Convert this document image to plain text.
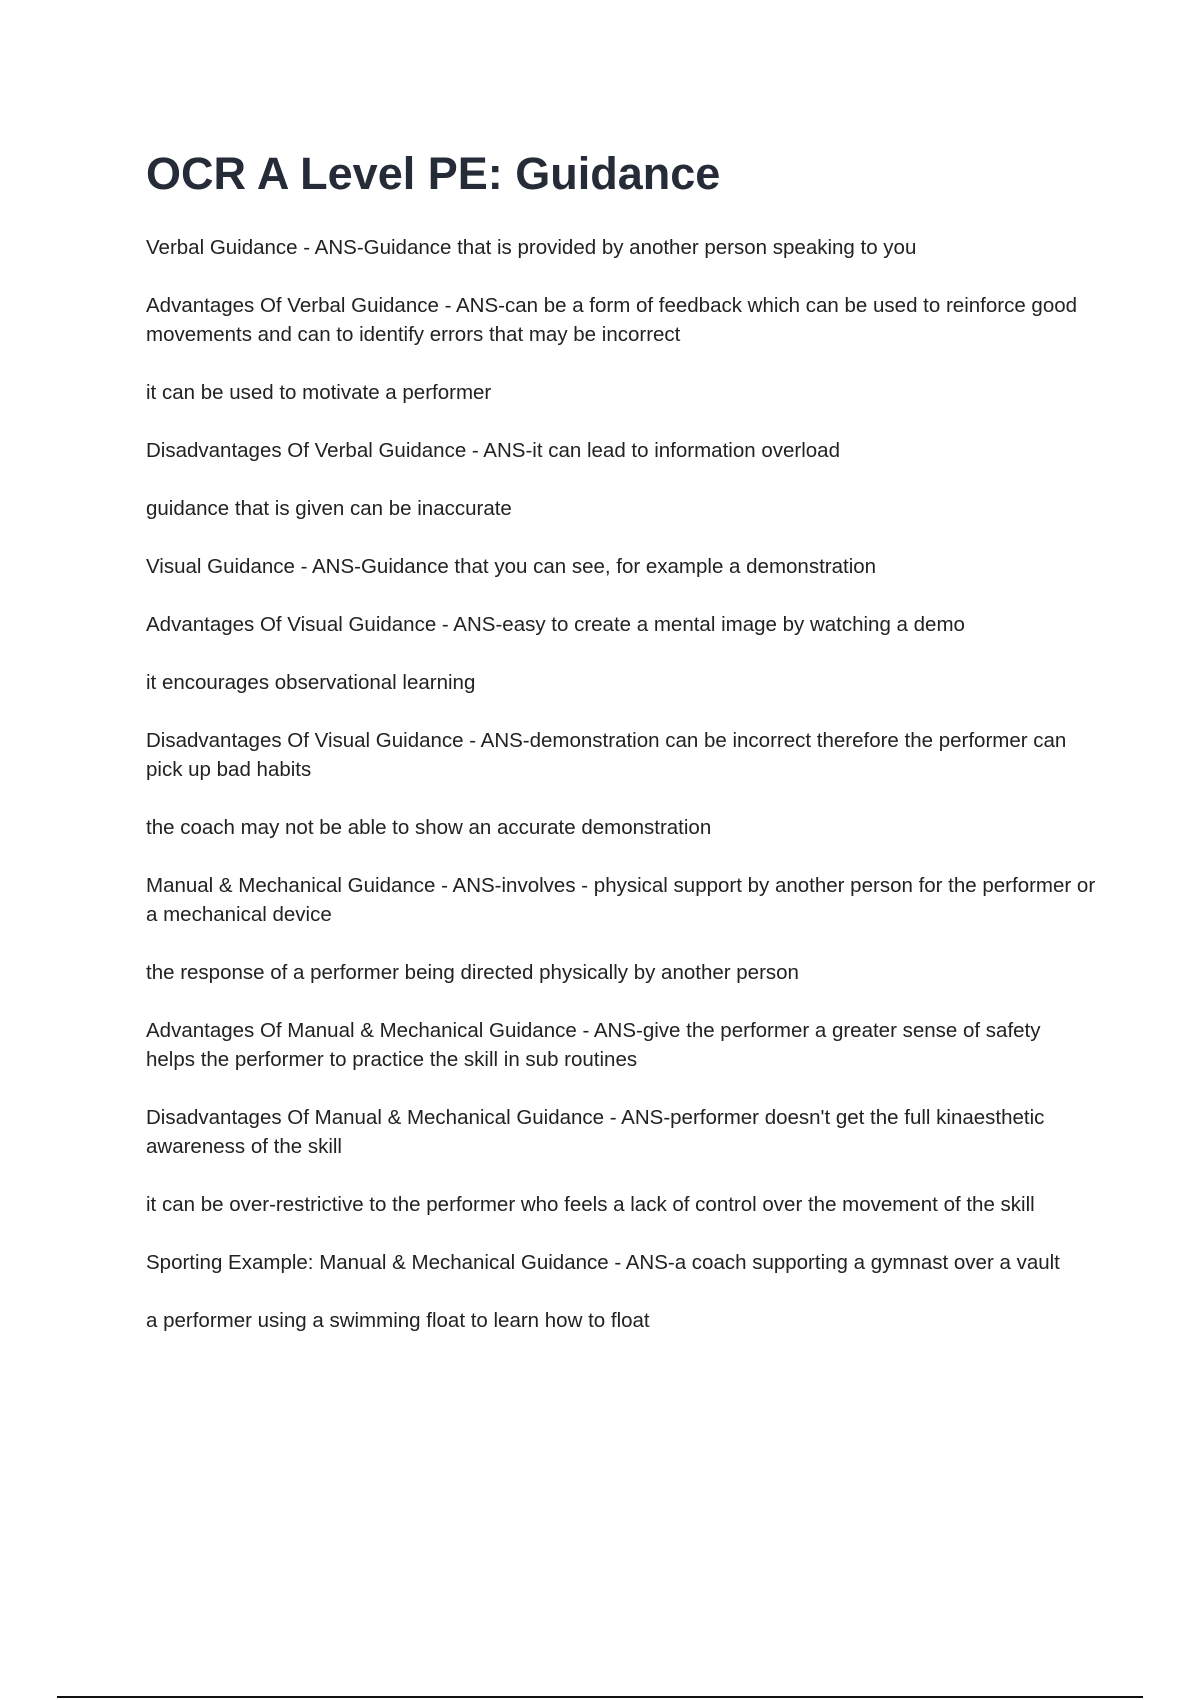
OCR A Level PE: Guidance
Verbal Guidance - ANS-Guidance that is provided by another person speaking to you
Advantages Of Verbal Guidance - ANS-can be a form of feedback which can be used to reinforce good movements and can to identify errors that may be incorrect
it can be used to motivate a performer
Disadvantages Of Verbal Guidance - ANS-it can lead to information overload
guidance that is given can be inaccurate
Visual Guidance - ANS-Guidance that you can see, for example a demonstration
Advantages Of Visual Guidance - ANS-easy to create a mental image by watching a demo
it encourages observational learning
Disadvantages Of Visual Guidance - ANS-demonstration can be incorrect therefore the performer can pick up bad habits
the coach may not be able to show an accurate demonstration
Manual & Mechanical Guidance - ANS-involves - physical support by another person for the performer or a mechanical device
the response of a performer being directed physically by another person
Advantages Of Manual & Mechanical Guidance - ANS-give the performer a greater sense of safety
helps the performer to practice the skill in sub routines
Disadvantages Of Manual & Mechanical Guidance - ANS-performer doesn't get the full kinaesthetic awareness of the skill
it can be over-restrictive to the performer who feels a lack of control over the movement of the skill
Sporting Example: Manual & Mechanical Guidance - ANS-a coach supporting a gymnast over a vault
a performer using a swimming float to learn how to float
